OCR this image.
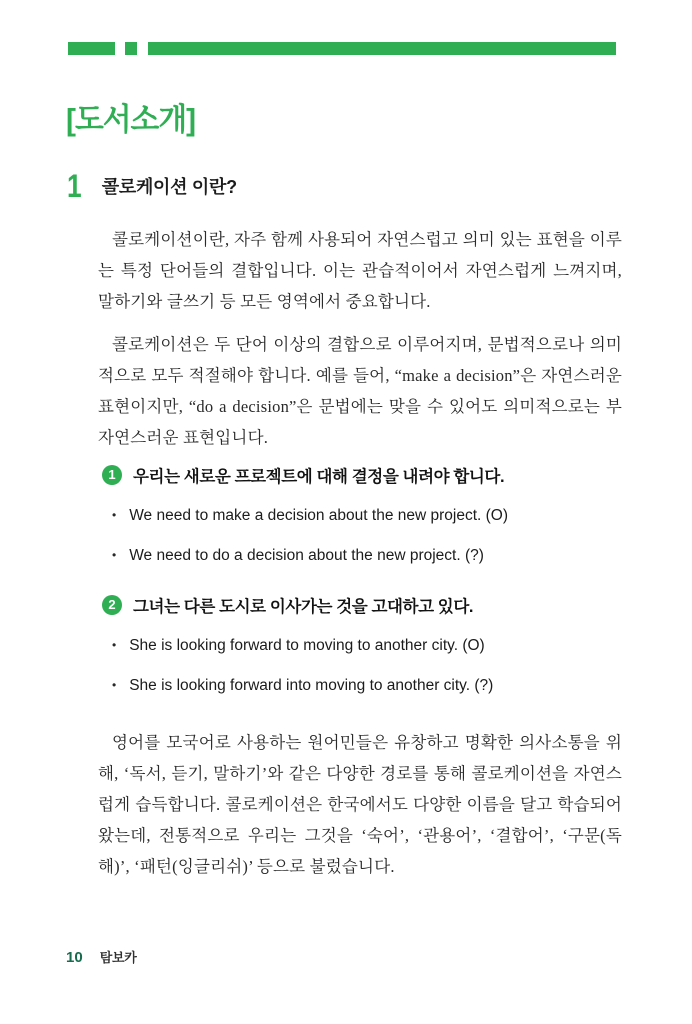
[도서소개]
1 콜로케이션 이란?

콜로케이션이란, 자주 함께 사용되어 자연스럽고 의미 있는 표현을 이루는 특정 단어들의 결합입니다. 이는 관습적이어서 자연스럽게 느껴지며, 말하기와 글쓰기 등 모든 영역에서 중요합니다.

콜로케이션은 두 단어 이상의 결합으로 이루어지며, 문법적으로나 의미적으로 모두 적절해야 합니다. 예를 들어, “make a decision”은 자연스러운 표현이지만, “do a decision”은 문법에는 맞을 수 있어도 의미적으로는 부자연스러운 표현입니다.

1	우리는 새로운 프로젝트에 대해 결정을 내려야 합니다.
• We need to make a decision about the new project. (O)
• We need to do a decision about the new project. (?)
2	그녀는 다른 도시로 이사가는 것을 고대하고 있다.
• She is looking forward to moving to another city. (O)
• She is looking forward into moving to another city. (?)

영어를 모국어로 사용하는 원어민들은 유창하고 명확한 의사소통을 위해, ‘독서, 듣기, 말하기’와 같은 다양한 경로를 통해 콜로케이션을 자연스럽게 습득합니다. 콜로케이션은 한국에서도 다양한 이름을 달고 학습되어 왔는데, 전통적으로 우리는 그것을 ‘숙어’, ‘관용어’, ‘결합어’, ‘구문(독해)’, ‘패턴(잉글리쉬)’ 등으로 불렀습니다.

10 탐보카
